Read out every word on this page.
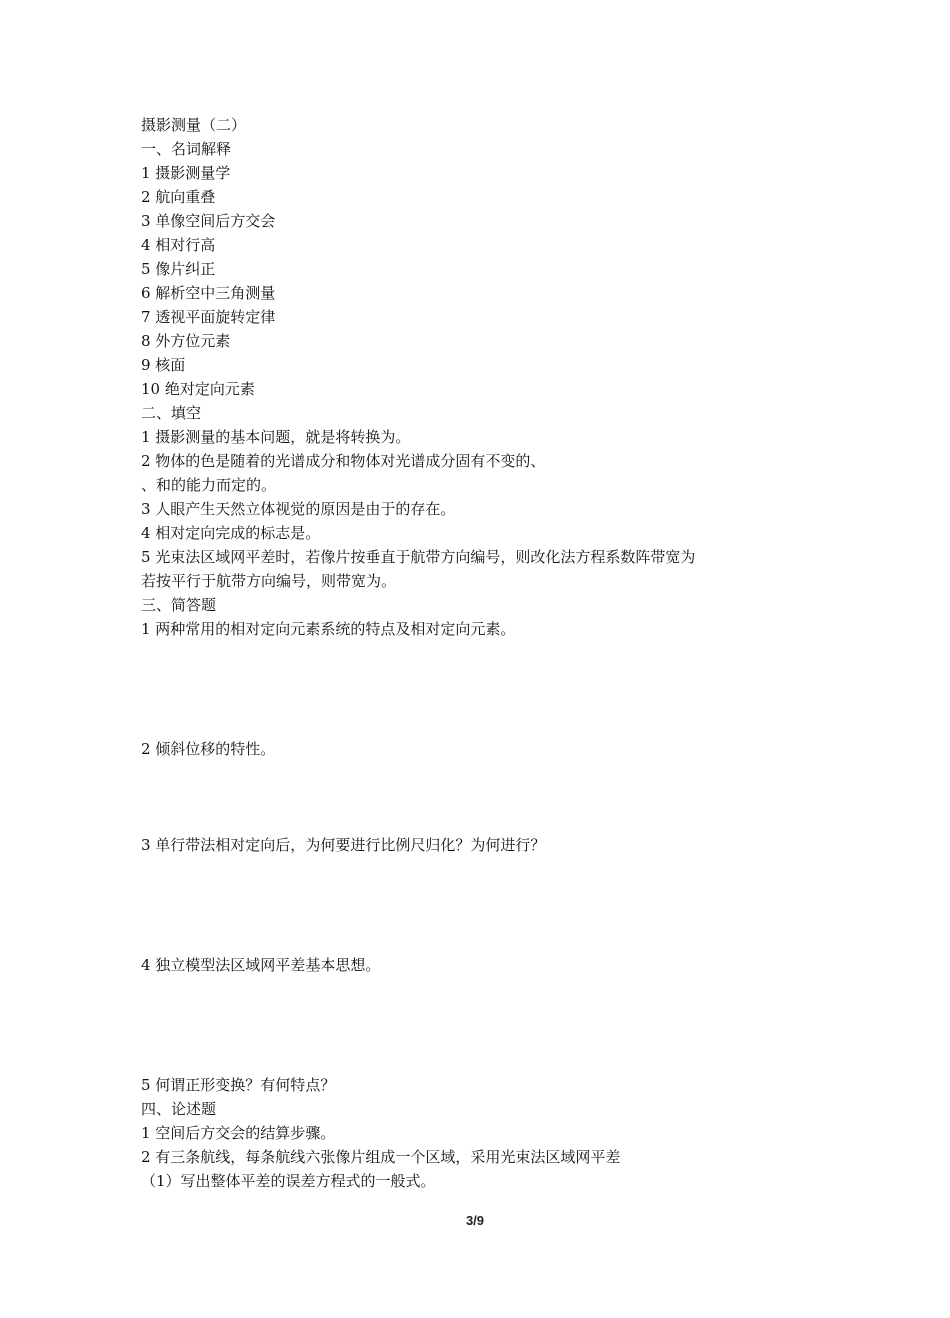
摄影测量（二）
一、名词解释
1 摄影测量学
2 航向重叠
3 单像空间后方交会
4 相对行高
5 像片纠正
6 解析空中三角测量
7 透视平面旋转定律
8 外方位元素
9 核面
10 绝对定向元素
二、填空
1 摄影测量的基本问题，就是将转换为。
2 物体的色是随着的光谱成分和物体对光谱成分固有不变的、
、和的能力而定的。
3 人眼产生天然立体视觉的原因是由于的存在。
4 相对定向完成的标志是。
5 光束法区域网平差时，若像片按垂直于航带方向编号，则改化法方程系数阵带宽为
若按平行于航带方向编号，则带宽为。
三、简答题
1 两种常用的相对定向元素系统的特点及相对定向元素。
2 倾斜位移的特性。
3 单行带法相对定向后，为何要进行比例尺归化？为何进行？
4 独立模型法区域网平差基本思想。
5 何谓正形变换？有何特点？
四、论述题
1 空间后方交会的结算步骤。
2 有三条航线，每条航线六张像片组成一个区域，采用光束法区域网平差
（1）写出整体平差的误差方程式的一般式。
3/9
